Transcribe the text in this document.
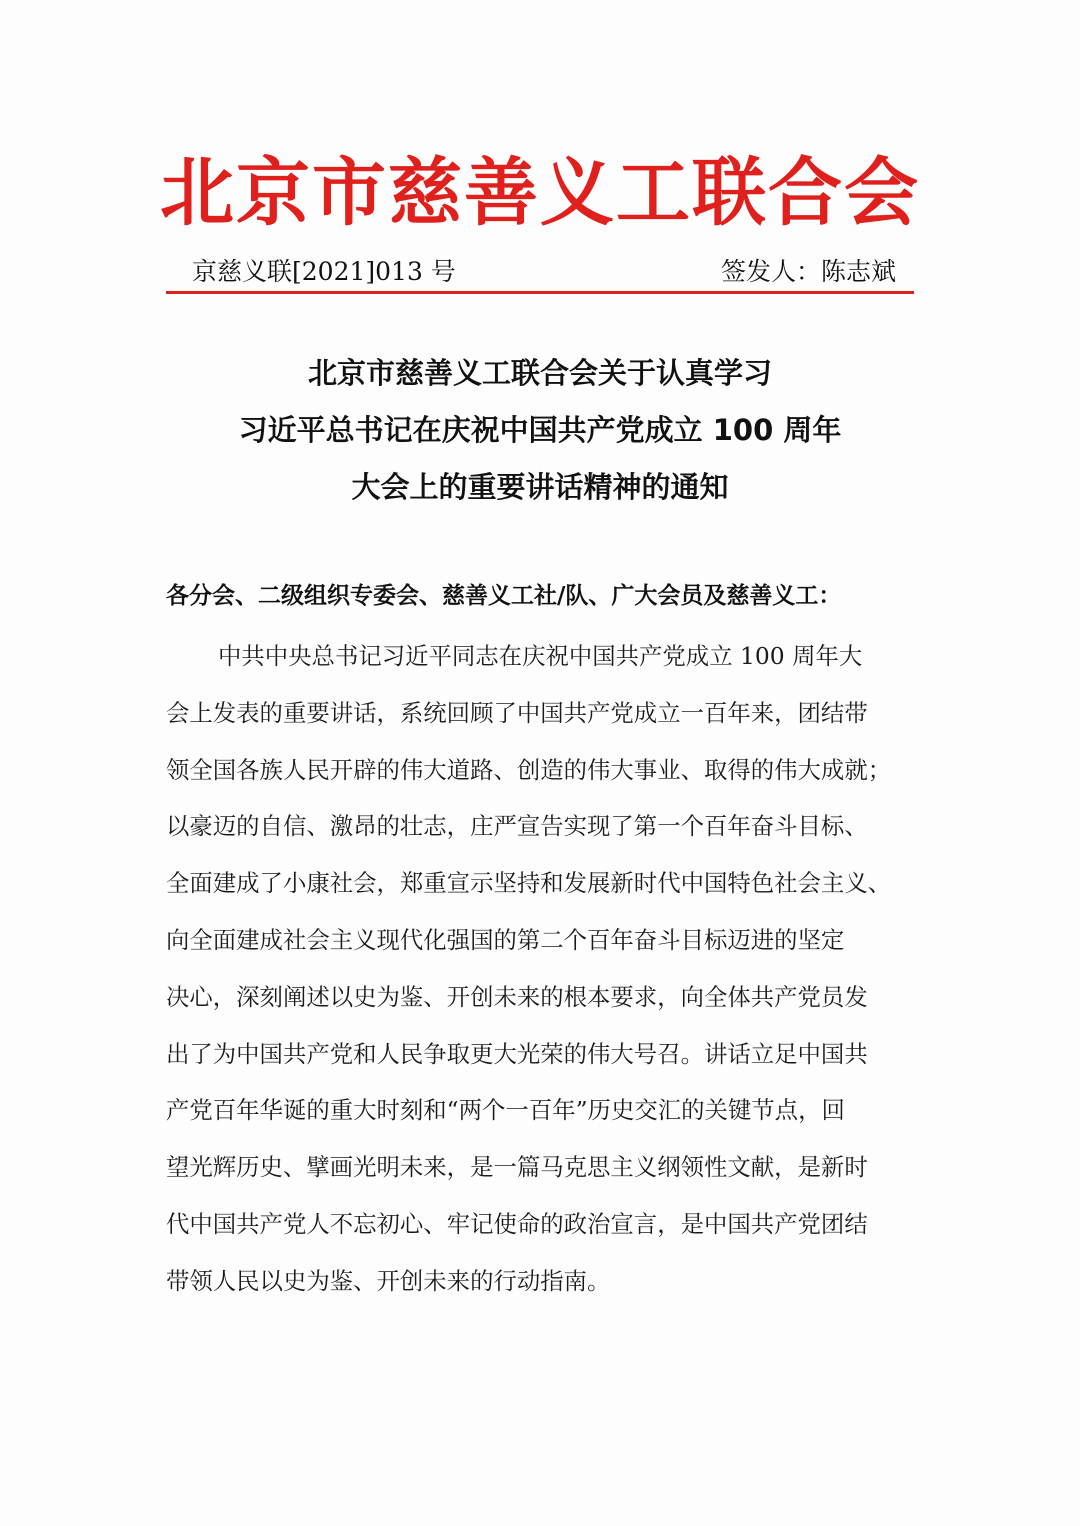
北京市慈善义工联合会
京慈义联[2021]013 号	签发人：陈志斌
北京市慈善义工联合会关于认真学习
习近平总书记在庆祝中国共产党成立 100 周年
大会上的重要讲话精神的通知
各分会、二级组织专委会、慈善义工社/队、广大会员及慈善义工：
中共中央总书记习近平同志在庆祝中国共产党成立 100 周年大
会上发表的重要讲话，系统回顾了中国共产党成立一百年来，团结带
领全国各族人民开辟的伟大道路、创造的伟大事业、取得的伟大成就；
以豪迈的自信、激昂的壮志，庄严宣告实现了第一个百年奋斗目标、
全面建成了小康社会，郑重宣示坚持和发展新时代中国特色社会主义、
向全面建成社会主义现代化强国的第二个百年奋斗目标迈进的坚定
决心，深刻阐述以史为鉴、开创未来的根本要求，向全体共产党员发
出了为中国共产党和人民争取更大光荣的伟大号召。讲话立足中国共
产党百年华诞的重大时刻和“两个一百年”历史交汇的关键节点，回
望光辉历史、擘画光明未来，是一篇马克思主义纲领性文献，是新时
代中国共产党人不忘初心、牢记使命的政治宣言，是中国共产党团结
带领人民以史为鉴、开创未来的行动指南。
